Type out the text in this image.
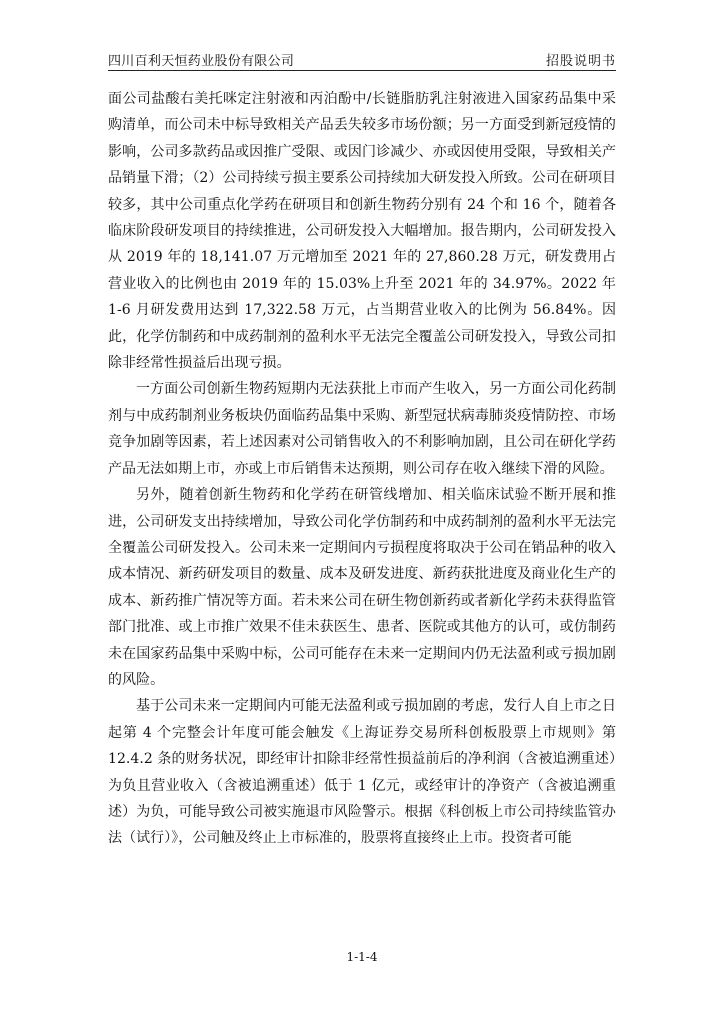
四川百利天恒药业股份有限公司	招股说明书

面公司盐酸右美托咪定注射液和丙泊酚中/长链脂肪乳注射液进入国家药品集中采购清单，而公司未中标导致相关产品丢失较多市场份额；另一方面受到新冠疫情的影响，公司多款药品或因推广受限、或因门诊减少、亦或因使用受限，导致相关产品销量下滑；（2）公司持续亏损主要系公司持续加大研发投入所致。公司在研项目较多，其中公司重点化学药在研项目和创新生物药分别有 24 个和 16 个，随着各临床阶段研发项目的持续推进，公司研发投入大幅增加。报告期内，公司研发投入从 2019 年的 18,141.07 万元增加至 2021 年的 27,860.28 万元，研发费用占营业收入的比例也由 2019 年的 15.03%上升至 2021 年的 34.97%。2022 年 1-6 月研发费用达到 17,322.58 万元，占当期营业收入的比例为 56.84%。因此，化学仿制药和中成药制剂的盈利水平无法完全覆盖公司研发投入，导致公司扣除非经常性损益后出现亏损。

一方面公司创新生物药短期内无法获批上市而产生收入，另一方面公司化药制剂与中成药制剂业务板块仍面临药品集中采购、新型冠状病毒肺炎疫情防控、市场竞争加剧等因素，若上述因素对公司销售收入的不利影响加剧，且公司在研化学药产品无法如期上市，亦或上市后销售未达预期，则公司存在收入继续下滑的风险。

另外，随着创新生物药和化学药在研管线增加、相关临床试验不断开展和推进，公司研发支出持续增加，导致公司化学仿制药和中成药制剂的盈利水平无法完全覆盖公司研发投入。公司未来一定期间内亏损程度将取决于公司在销品种的收入成本情况、新药研发项目的数量、成本及研发进度、新药获批进度及商业化生产的成本、新药推广情况等方面。若未来公司在研生物创新药或者新化学药未获得监管部门批准、或上市推广效果不佳未获医生、患者、医院或其他方的认可，或仿制药未在国家药品集中采购中标，公司可能存在未来一定期间内仍无法盈利或亏损加剧的风险。

基于公司未来一定期间内可能无法盈利或亏损加剧的考虑，发行人自上市之日起第 4 个完整会计年度可能会触发《上海证券交易所科创板股票上市规则》第 12.4.2 条的财务状况，即经审计扣除非经常性损益前后的净利润（含被追溯重述）为负且营业收入（含被追溯重述）低于 1 亿元，或经审计的净资产（含被追溯重述）为负，可能导致公司被实施退市风险警示。根据《科创板上市公司持续监管办法（试行）》，公司触及终止上市标准的，股票将直接终止上市。投资者可能

1-1-4
